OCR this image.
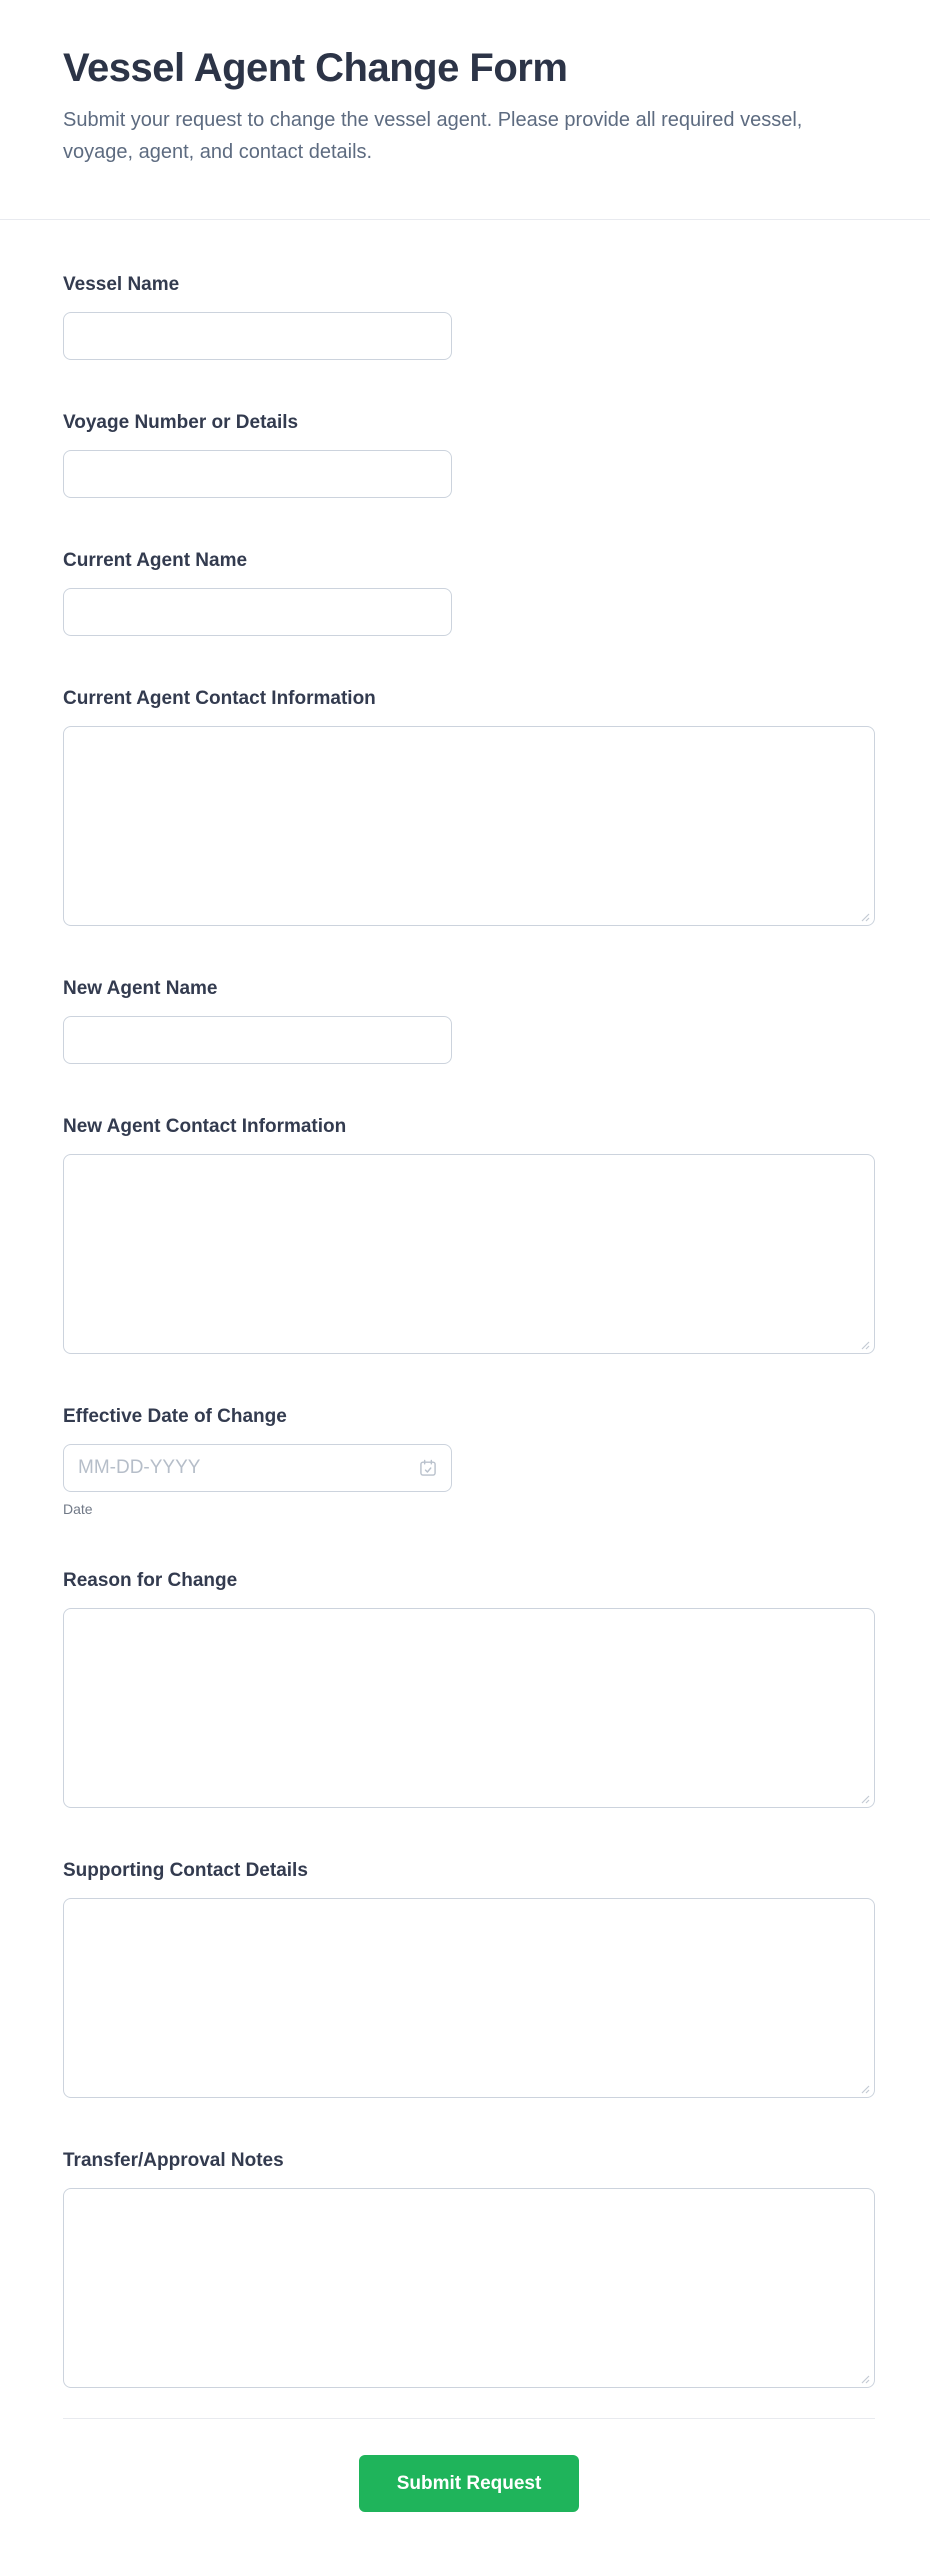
Vessel Agent Change Form
Submit your request to change the vessel agent. Please provide all required vessel,
voyage, agent, and contact details.
Vessel Name
Voyage Number or Details
Current Agent Name
Current Agent Contact Information
New Agent Name
New Agent Contact Information
Effective Date of Change
MM-DD-YYYY
Date
Reason for Change
Supporting Contact Details
Transfer/Approval Notes
Submit Request
